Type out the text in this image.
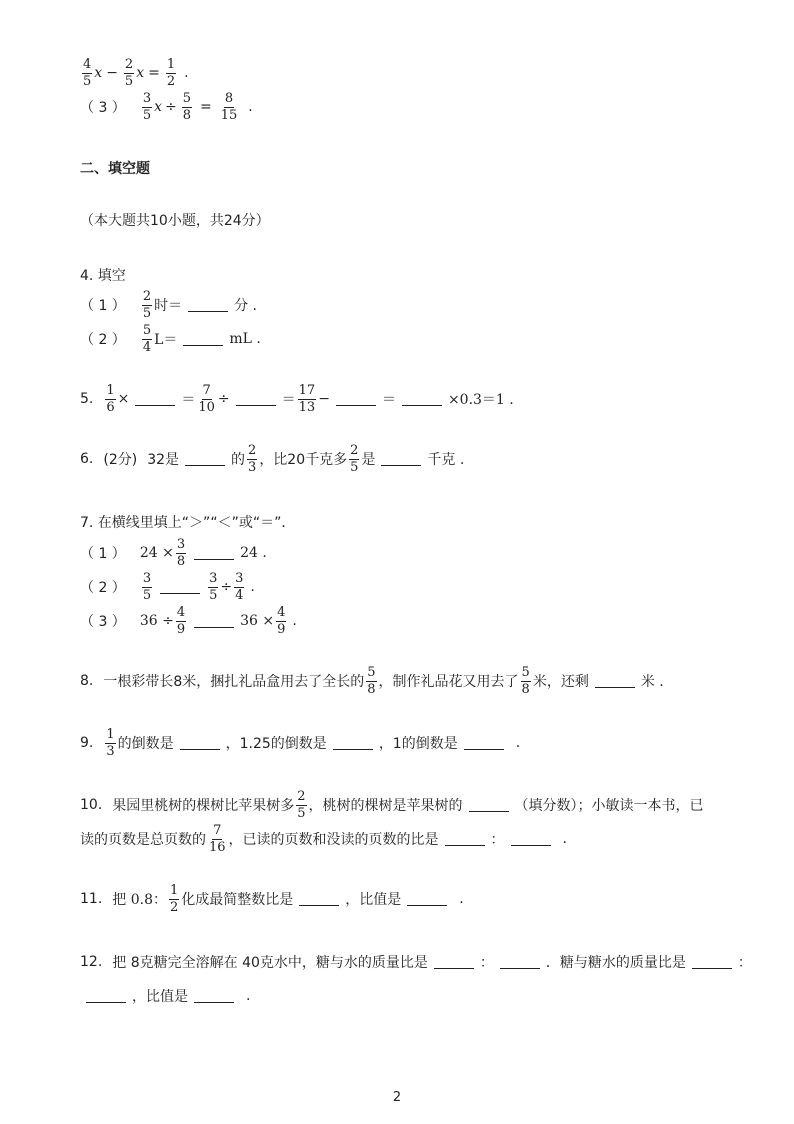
$\frac{4}{5}$ $x - \frac{2}{5}$ $x = \frac{1}{2}$ .
（ 3 ） $\frac{3}{5}$ $x \div \frac{5}{8} = \frac{8}{15}$ .
二、填空题
（本大题共10小题，共24分）
4. 填空
（ 1 ） $\frac{2}{5}$ 时＝	分 .
（ 2 ） $\frac{5}{4} L=$	mL .
5. $\frac{1}{6}$ ×	＝ $\frac{7}{10}$ ÷	＝ $\frac{17}{13}$ −	＝	×0.3＝1 .
6. (2分) 32是	的 $\frac{2}{3}$ ，比20千克多 $\frac{2}{5}$ 是	千克 .
7. 在横线里填上“＞”“＜”或“＝”．
（ 1 ） $24 \times \frac{3}{8}$	24 .
（ 2 ） $\frac{3}{5}$	$\frac{3}{5} \div \frac{3}{4}$ .
（ 3 ） $36 \div \frac{4}{9}$	$36 \times \frac{4}{9}$ .
8. 一根彩带长8米，捆扎礼品盒用去了全长的 $\frac{5}{8}$ ，制作礼品花又用去了 $\frac{5}{8}$ 米，还剩	米 .
9. $\frac{1}{3}$ 的倒数是	，1.25的倒数是	，1的倒数是	.
10. 果园里桃树的棵树比苹果树多 $\frac{2}{5}$ ，桃树的棵树是苹果树的	（填分数）；小敏读一本书，已
读的页数是总页数的 $\frac{7}{16}$ ，已读的页数和没读的页数的比是	：	.
11. 把 0.8： $\frac{1}{2}$ 化成最简整数比是	，比值是	.
12. 把 8克糖完全溶解在 40克水中，糖与水的质量比是	：	．糖与糖水的质量比是	：
，比值是	.
2
